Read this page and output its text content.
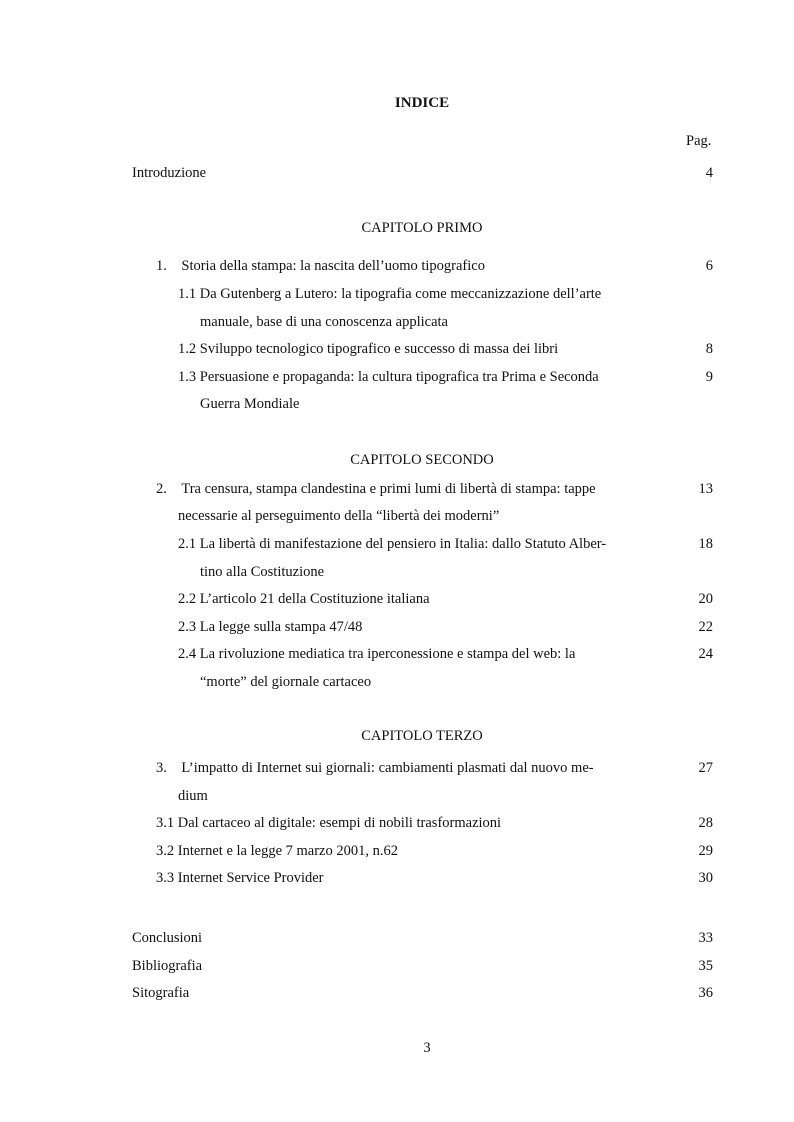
INDICE
Pag.
Introduzione	4
CAPITOLO PRIMO
1.    Storia della stampa: la nascita dell’uomo tipografico	6
1.1 Da Gutenberg a Lutero: la tipografia come meccanizzazione dell’arte
manuale, base di una conoscenza applicata
1.2 Sviluppo tecnologico tipografico e successo di massa dei libri	8
1.3 Persuasione e propaganda: la cultura tipografica tra Prima e Seconda	9
Guerra Mondiale
CAPITOLO SECONDO
2.    Tra censura, stampa clandestina e primi lumi di libertà di stampa: tappe	13
necessarie al perseguimento della “libertà dei moderni”
2.1 La libertà di manifestazione del pensiero in Italia: dallo Statuto Alber-	18
tino alla Costituzione
2.2 L’articolo 21 della Costituzione italiana	20
2.3 La legge sulla stampa 47/48	22
2.4 La rivoluzione mediatica tra iperconessione e stampa del web: la	24
“morte” del giornale cartaceo
CAPITOLO TERZO
3.    L’impatto di Internet sui giornali: cambiamenti plasmati dal nuovo me-	27
dium
3.1 Dal cartaceo al digitale: esempi di nobili trasformazioni	28
3.2 Internet e la legge 7 marzo 2001, n.62	29
3.3 Internet Service Provider	30
Conclusioni	33
Bibliografia	35
Sitografia	36
3
